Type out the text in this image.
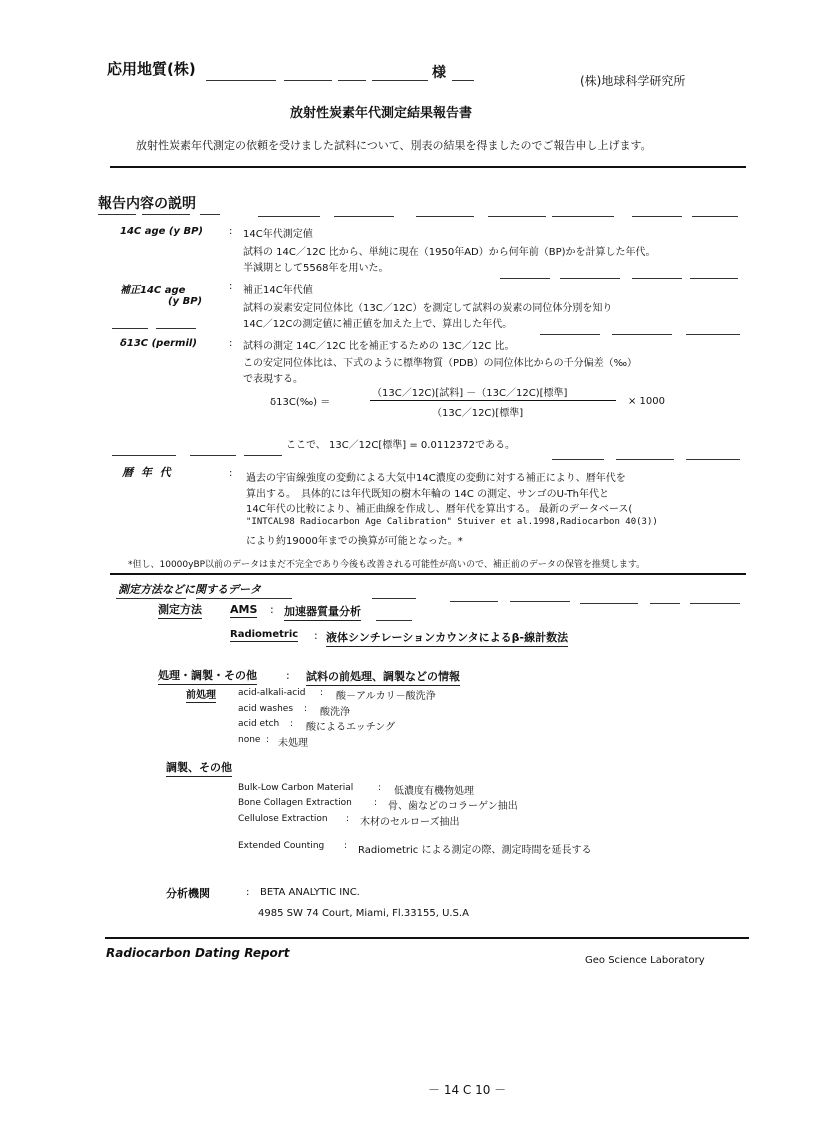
応用地質(株)	様	(株)地球科学研究所
放射性炭素年代測定結果報告書
放射性炭素年代測定の依頼を受けました試料について、別表の結果を得ましたのでご報告申し上げます。
報告内容の説明
14C age (y BP)	: 14C年代測定値
試料の 14C／12C 比から、単純に現在（1950年AD）から何年前（BP)かを計算した年代。
半減期として5568年を用いた。
補正14C age
(y BP)
: 補正14C年代値
試料の炭素安定同位体比（13C／12C）を測定して試料の炭素の同位体分別を知り
14C／12Cの測定値に補正値を加えた上で、算出した年代。
δ13C (permil)	: 試料の測定 14C／12C 比を補正するための 13C／12C 比。
この安定同位体比は、下式のように標準物質（PDB）の同位体比からの千分偏差（‰）
で表現する。
δ13C(‰) ＝
（13C／12C)[試料] －（13C／12C)[標準]
（13C／12C)[標準]
× 1000
ここで、 13C／12C[標準] = 0.0112372である。
暦 年 代	: 過去の宇宙線強度の変動による大気中14C濃度の変動に対する補正により、暦年代を
算出する。　具体的には年代既知の樹木年輪の 14C の測定、サンゴのU-Th年代と
14C年代の比較により、補正曲線を作成し、暦年代を算出する。 最新のデータベース(
"INTCAL98 Radiocarbon Age Calibration" Stuiver et al.1998,Radiocarbon 40(3))
により約19000年までの換算が可能となった。*
*但し、10000yBP以前のデータはまだ不完全であり今後も改善される可能性が高いので、補正前のデータの保管を推奨します。
測定方法などに関するデータ
測定方法	AMS : 加速器質量分析
Radiometric : 液体シンチレーションカウンタによるβ-線計数法
処理・調製・その他	: 試料の前処理、調製などの情報
前処理 acid-alkali-acid : 酸－アルカリ－酸洗浄
acid washes : 酸洗浄
acid etch : 酸によるエッチング
none : 未処理
調製、その他
Bulk-Low Carbon Material	: 低濃度有機物処理
Bone Collagen Extraction : 骨、歯などのコラーゲン抽出
Cellulose Extraction : 木材のセルローズ抽出
Extended Counting : Radiometric による測定の際、測定時間を延長する
分析機関	: BETA ANALYTIC INC.
4985 SW 74 Court, Miami, Fl.33155, U.S.A
Radiocarbon Dating Report
Geo Science Laboratory
－ 14 C 10 －
